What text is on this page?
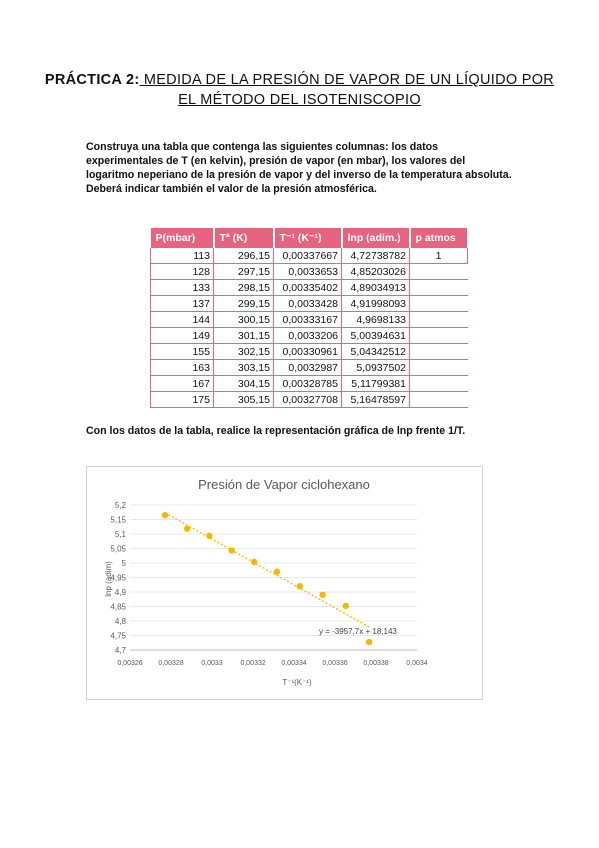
PRÁCTICA 2: MEDIDA DE LA PRESIÓN DE VAPOR DE UN LÍQUIDO POR EL MÉTODO DEL ISOTENISCOPIO
Construya una tabla que contenga las siguientes columnas: los datos experimentales de T (en kelvin), presión de vapor (en mbar), los valores del logaritmo neperiano de la presión de vapor y del inverso de la temperatura absoluta. Deberá indicar también el valor de la presión atmosférica.
P(mbar)	Tª (K)	T⁻¹ (K⁻¹)	lnp (adim.)	p atmos
113	296,15	0,00337667	4,72738782	1
128	297,15	0,0033653	4,85203026	
133	298,15	0,00335402	4,89034913	
137	299,15	0,0033428	4,91998093	
144	300,15	0,00333167	4,9698133	
149	301,15	0,0033206	5,00394631	
155	302,15	0,00330961	5,04342512	
163	303,15	0,0032987	5,0937502	
167	304,15	0,00328785	5,11799381	
175	305,15	0,00327708	5,16478597	
Con los datos de la tabla, realice la representación gráfica de lnp frente 1/T.
Presión de Vapor ciclohexano
4,7
4,75
4,8
4,85
4,9
4,95
5
5,05
5,1
5,15
5,2
0,00326 0,00328	0,0033	0,00332 0,00334 0,00336 0,00338	0,0034
y = -3957,7x + 18,143
T⁻¹(K⁻¹)
lnp (adim)
